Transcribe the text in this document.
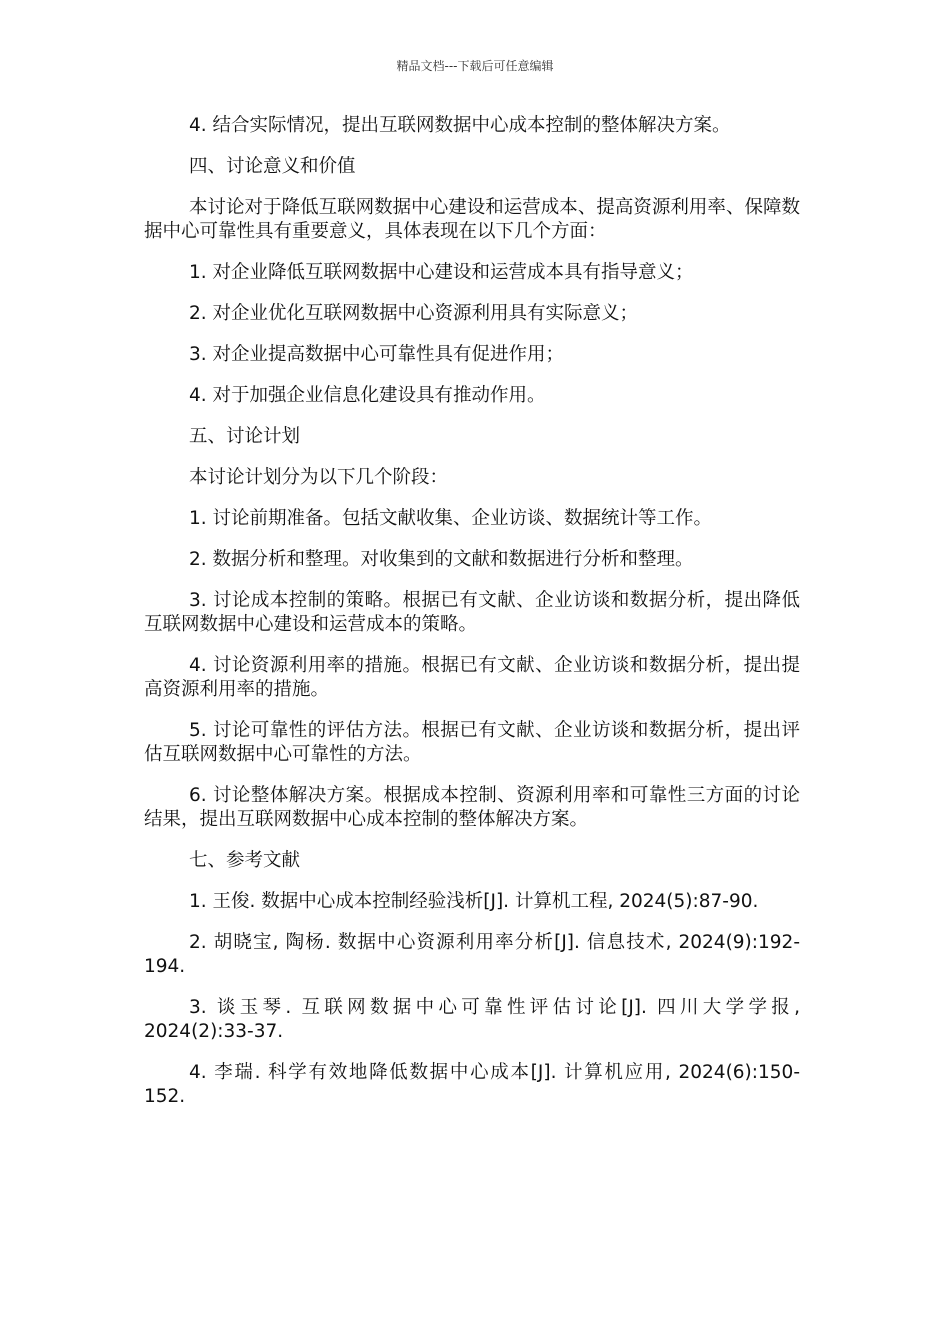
精品文档---下载后可任意编辑

4. 结合实际情况，提出互联网数据中心成本控制的整体解决方案。

四、讨论意义和价值

本讨论对于降低互联网数据中心建设和运营成本、提高资源利用率、保障数据中心可靠性具有重要意义，具体表现在以下几个方面：

1. 对企业降低互联网数据中心建设和运营成本具有指导意义；

2. 对企业优化互联网数据中心资源利用具有实际意义；

3. 对企业提高数据中心可靠性具有促进作用；

4. 对于加强企业信息化建设具有推动作用。

五、讨论计划

本讨论计划分为以下几个阶段：

1. 讨论前期准备。包括文献收集、企业访谈、数据统计等工作。

2. 数据分析和整理。对收集到的文献和数据进行分析和整理。

3. 讨论成本控制的策略。根据已有文献、企业访谈和数据分析，提出降低互联网数据中心建设和运营成本的策略。

4. 讨论资源利用率的措施。根据已有文献、企业访谈和数据分析，提出提高资源利用率的措施。

5. 讨论可靠性的评估方法。根据已有文献、企业访谈和数据分析，提出评估互联网数据中心可靠性的方法。

6. 讨论整体解决方案。根据成本控制、资源利用率和可靠性三方面的讨论结果，提出互联网数据中心成本控制的整体解决方案。

七、参考文献

1. 王俊. 数据中心成本控制经验浅析[J]. 计算机工程, 2024(5):87-90.

2. 胡晓宝, 陶杨. 数据中心资源利用率分析[J]. 信息技术, 2024(9):192-194.

3. 谈玉琴. 互联网数据中心可靠性评估讨论[J]. 四川大学学报, 2024(2):33-37.

4. 李瑞. 科学有效地降低数据中心成本[J]. 计算机应用, 2024(6):150-152.
